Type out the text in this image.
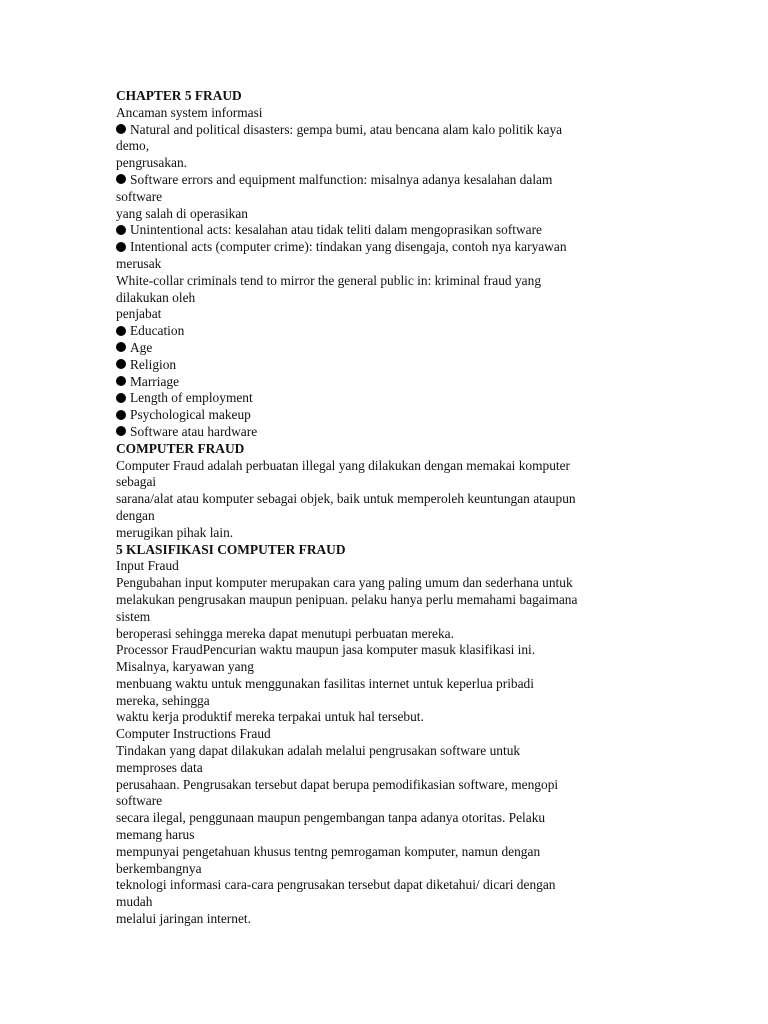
CHAPTER 5 FRAUD
Ancaman system informasi
Natural and political disasters: gempa bumi, atau bencana alam kalo politik kaya
demo,
pengrusakan.
Software errors and equipment malfunction: misalnya adanya kesalahan dalam
software
yang salah di operasikan
Unintentional acts: kesalahan atau tidak teliti dalam mengoprasikan software
Intentional acts (computer crime): tindakan yang disengaja, contoh nya karyawan
merusak
White-collar criminals tend to mirror the general public in: kriminal fraud yang
dilakukan oleh
penjabat
Education
Age
Religion
Marriage
Length of employment
Psychological makeup
Software atau hardware
COMPUTER FRAUD
Computer Fraud adalah perbuatan illegal yang dilakukan dengan memakai komputer
sebagai
sarana/alat atau komputer sebagai objek, baik untuk memperoleh keuntungan ataupun
dengan
merugikan pihak lain.
5 KLASIFIKASI COMPUTER FRAUD
Input Fraud
Pengubahan input komputer merupakan cara yang paling umum dan sederhana untuk
melakukan pengrusakan maupun penipuan. pelaku hanya perlu memahami bagaimana
sistem
beroperasi sehingga mereka dapat menutupi perbuatan mereka.
Processor FraudPencurian waktu maupun jasa komputer masuk klasifikasi ini.
Misalnya, karyawan yang
menbuang waktu untuk menggunakan fasilitas internet untuk keperlua pribadi
mereka, sehingga
waktu kerja produktif mereka terpakai untuk hal tersebut.
Computer Instructions Fraud
Tindakan yang dapat dilakukan adalah melalui pengrusakan software untuk
memproses data
perusahaan. Pengrusakan tersebut dapat berupa pemodifikasian software, mengopi
software
secara ilegal, penggunaan maupun pengembangan tanpa adanya otoritas. Pelaku
memang harus
mempunyai pengetahuan khusus tentng pemrogaman komputer, namun dengan
berkembangnya
teknologi informasi cara-cara pengrusakan tersebut dapat diketahui/ dicari dengan
mudah
melalui jaringan internet.
